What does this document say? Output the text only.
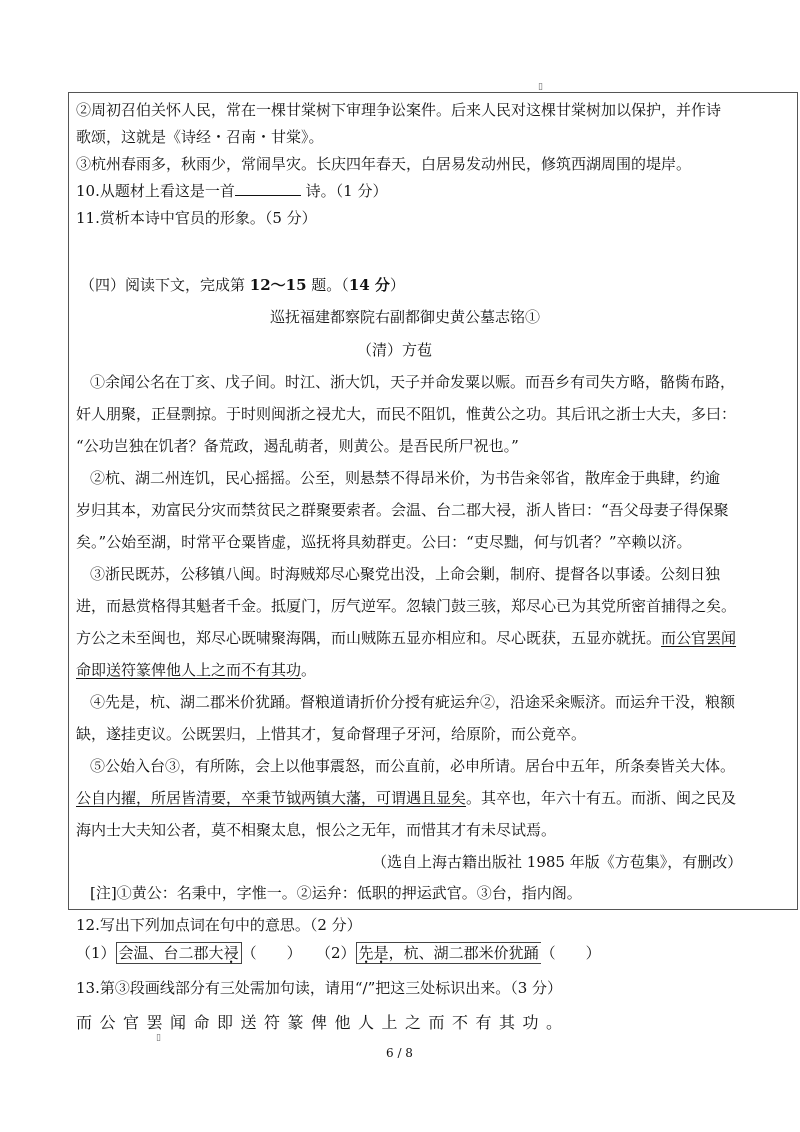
▯
②周初召伯关怀人民，常在一棵甘棠树下审理争讼案件。后来人民对这棵甘棠树加以保护，并作诗
歌颂，这就是《诗经・召南・甘棠》。
③杭州春雨多，秋雨少，常闹旱灾。长庆四年春天，白居易发动州民，修筑西湖周围的堤岸。
10.从题材上看这是一首	诗。（1 分）
11.赏析本诗中官员的形象。（5 分）
（四）阅读下文，完成第 12～15 题。（14 分）
巡抚福建都察院右副都御史黄公墓志铭①
（清）方苞
①余闻公名在丁亥、戊子间。时江、浙大饥，天子并命发粟以赈。而吾乡有司失方略，骼胔布路，
奸人朋聚，正昼剽掠。于时则闽浙之祲尤大，而民不阻饥，惟黄公之功。其后讯之浙士大夫，多曰：
“公功岂独在饥者？备荒政，遏乱萌者，则黄公。是吾民所尸祝也。”
②杭、湖二州连饥，民心摇摇。公至，则悬禁不得昂米价，为书告籴邻省，散库金于典肆，约逾
岁归其本，劝富民分灾而禁贫民之群聚要索者。会温、台二郡大祲，浙人皆曰：“吾父母妻子得保聚
矣。”公始至湖，时常平仓粟皆虚，巡抚将具劾群吏。公曰：“吏尽黜，何与饥者？”卒赖以济。
③浙民既苏，公移镇八闽。时海贼郑尽心聚党出没，上命会剿，制府、提督各以事诿。公刻日独
进，而悬赏格得其魁者千金。抵厦门，厉气逆军。忽辕门鼓三骇，郑尽心已为其党所密首捕得之矣。
方公之未至闽也，郑尽心既啸聚海隅，而山贼陈五显亦相应和。尽心既获，五显亦就抚。而公官罢闻
命即送符篆俾他人上之而不有其功。
④先是，杭、湖二郡米价犹踊。督粮道请折价分授有疵运弁②，沿途采籴赈济。而运弁干没，粮额
缺，遂挂吏议。公既罢归，上惜其才，复命督理子牙河，给原阶，而公竟卒。
⑤公始入台③，有所陈，会上以他事震怒，而公直前，必申所请。居台中五年，所条奏皆关大体。
公自内擢，所居皆清要，卒秉节钺两镇大藩，可谓遇且显矣。其卒也，年六十有五。而浙、闽之民及
海内士大夫知公者，莫不相聚太息，恨公之无年，而惜其才有未尽试焉。
（选自上海古籍出版社 1985 年版《方苞集》，有删改）
[注]①黄公：名秉中，字惟一。②运弁：低职的押运武官。③台，指内阁。
12.写出下列加点词在句中的意思。（2 分）
（1） 会温、台二郡大祲 （　　） （2） 先是，杭、湖二郡米价犹踊 （　　）
13.第③段画线部分有三处需加句读，请用“/”把这三处标识出来。（3 分）
而公官罢闻命即送符篆俾他人上之而不有其功。
▯
6 / 8
